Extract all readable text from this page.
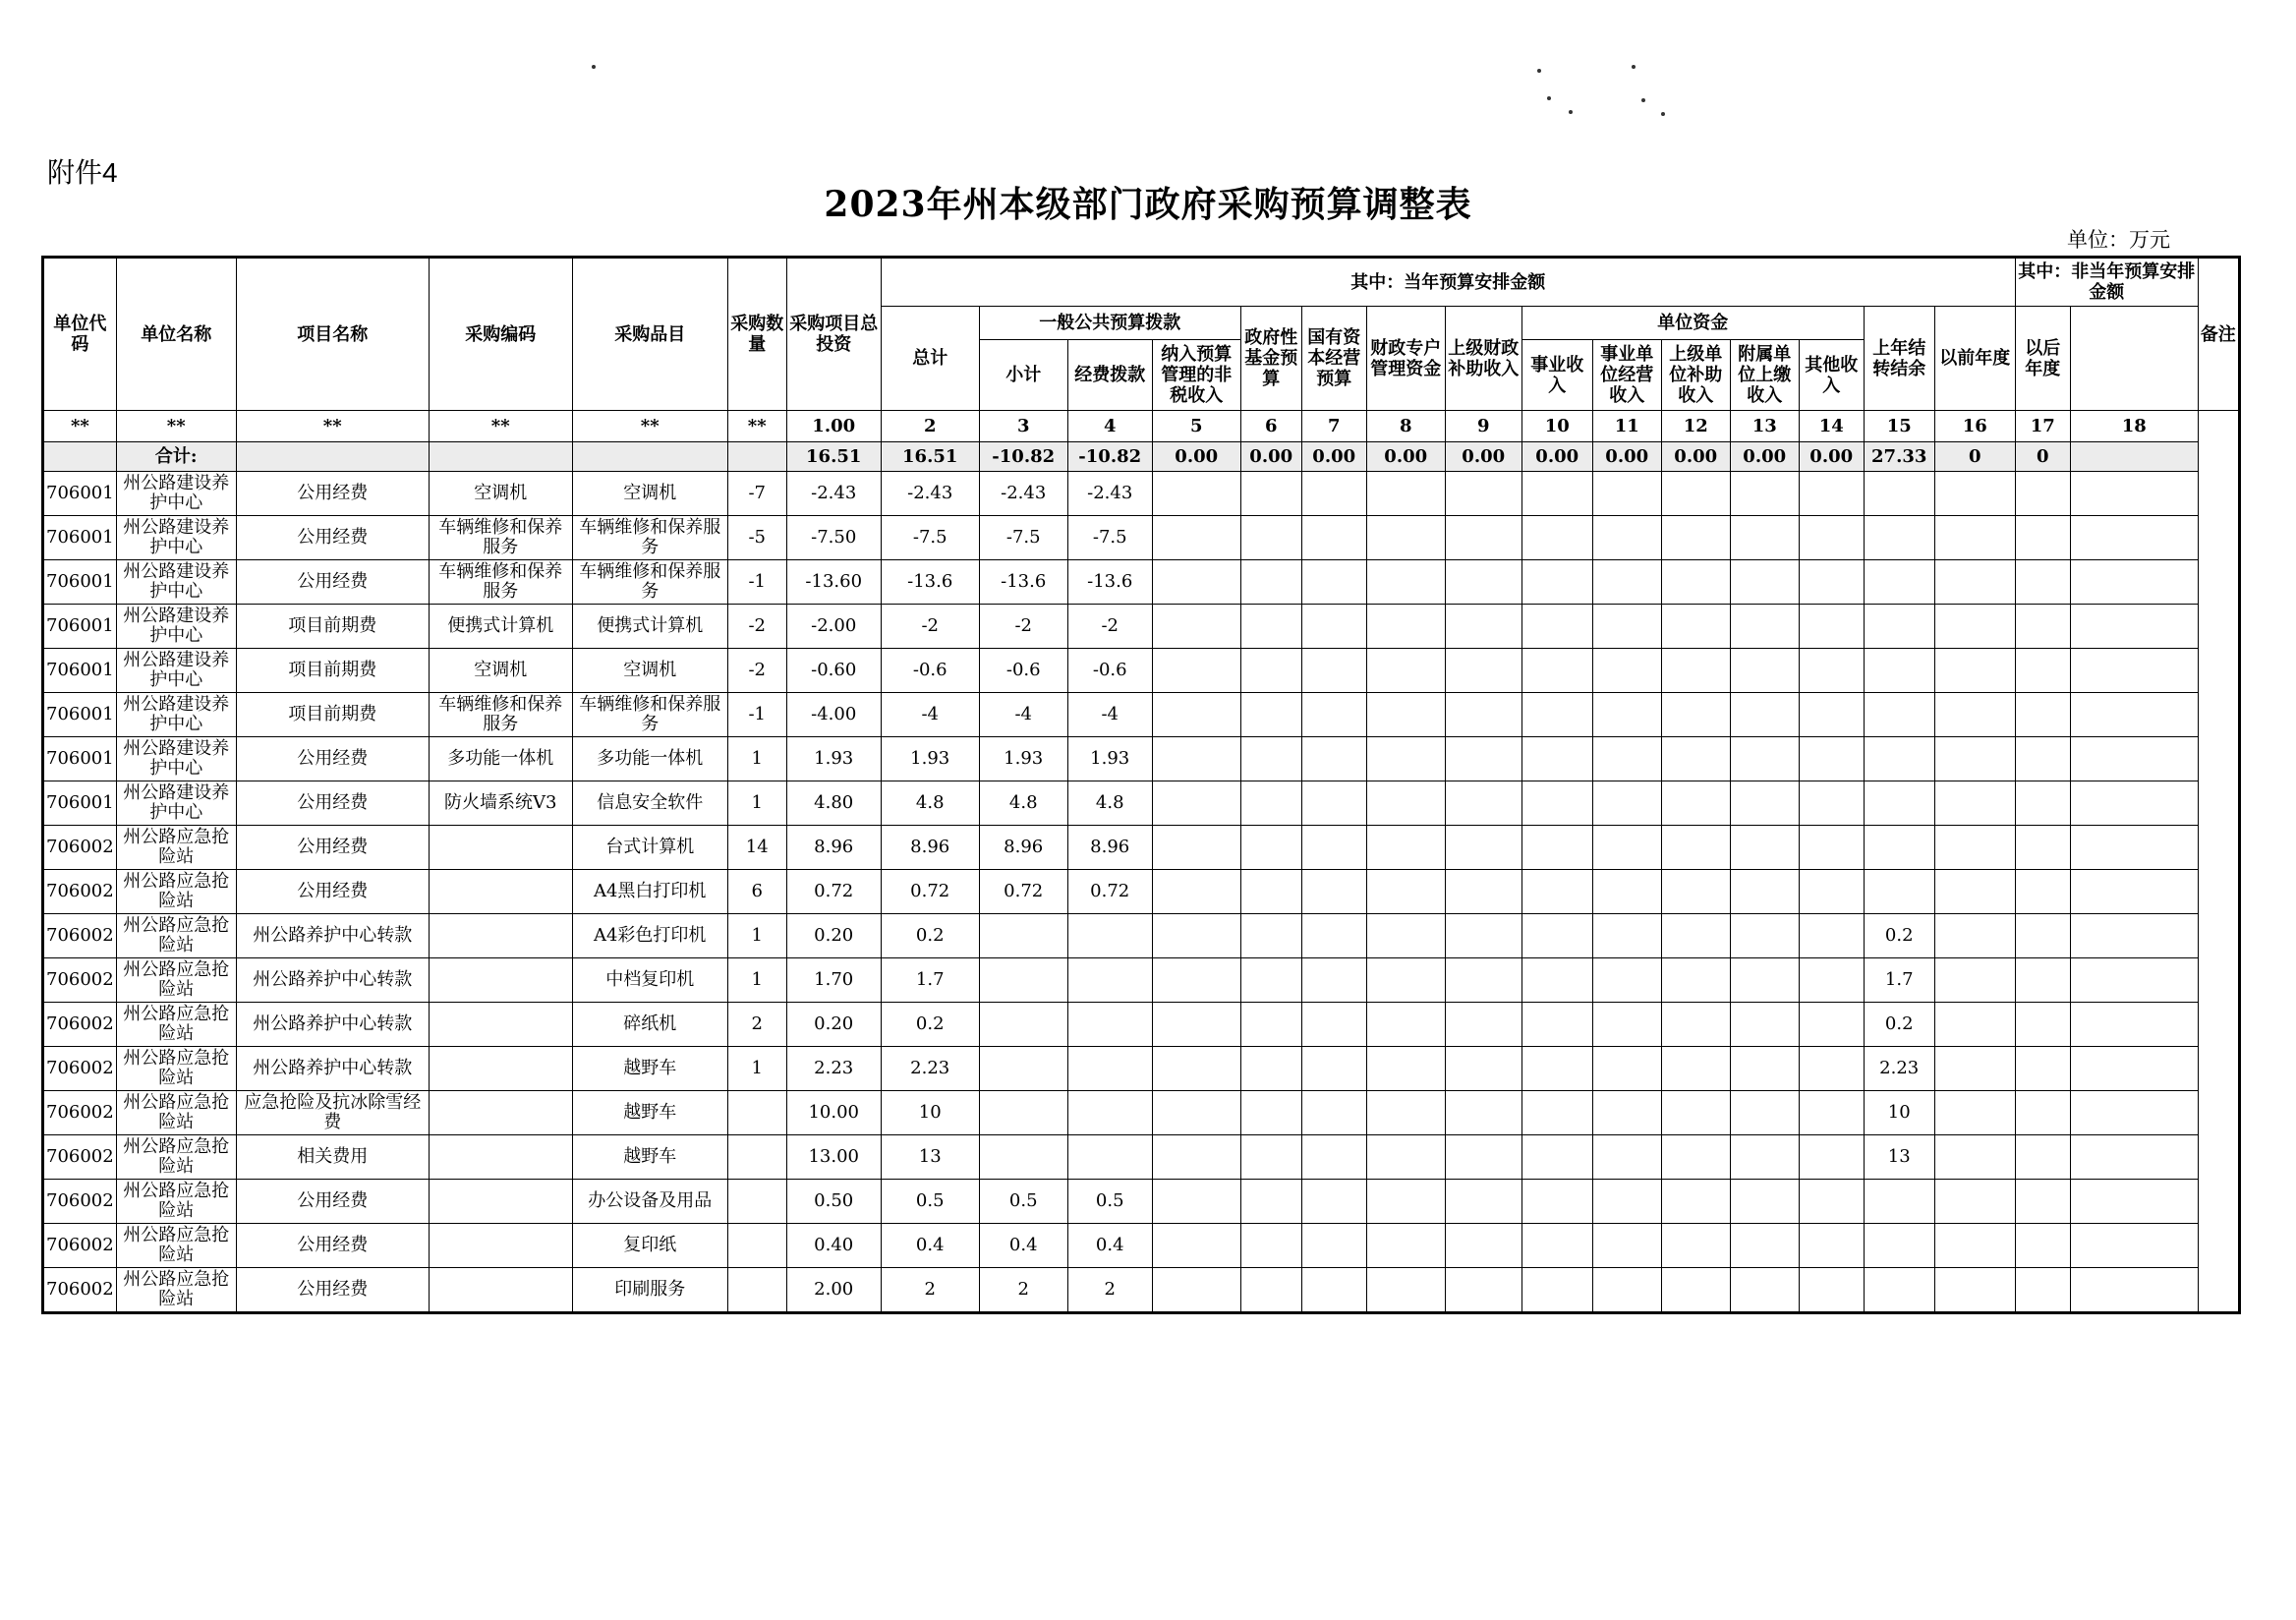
附件4
2023年州本级部门政府采购预算调整表
单位：万元
单位代码	单位名称	项目名称	采购编码	采购品目	采购数量	采购项目总投资	其中：当年预算安排金额															其中：非当年预算安排金额		备注
							总计	一般公共预算拨款			政府性基金预算	国有资本经营预算	财政专户管理资金	上级财政补助收入	单位资金					上年结转结余	以前年度	以后年度		
								小计	经费拨款	纳入预算管理的非税收入					事业收入	事业单位经营收入	上级单位补助收入	附属单位上缴收入	其他收入					
**	**	**	**	**	**	1.00	2	3	4	5	6	7	8	9	10	11	12	13	14	15	16	17	18	
	合计:					16.51	16.51	-10.82	-10.82	0.00	0.00	0.00	0.00	0.00	0.00	0.00	0.00	0.00	0.00	27.33	0	0		
706001	州公路建设养护中心	公用经费	空调机	空调机	-7	-2.43	-2.43	-2.43	-2.43															
706001	州公路建设养护中心	公用经费	车辆维修和保养服务	车辆维修和保养服务	-5	-7.50	-7.5	-7.5	-7.5															
706001	州公路建设养护中心	公用经费	车辆维修和保养服务	车辆维修和保养服务	-1	-13.60	-13.6	-13.6	-13.6															
706001	州公路建设养护中心	项目前期费	便携式计算机	便携式计算机	-2	-2.00	-2	-2	-2															
706001	州公路建设养护中心	项目前期费	空调机	空调机	-2	-0.60	-0.6	-0.6	-0.6															
706001	州公路建设养护中心	项目前期费	车辆维修和保养服务	车辆维修和保养服务	-1	-4.00	-4	-4	-4															
706001	州公路建设养护中心	公用经费	多功能一体机	多功能一体机	1	1.93	1.93	1.93	1.93															
706001	州公路建设养护中心	公用经费	防火墙系统V3	信息安全软件	1	4.80	4.8	4.8	4.8															
706002	州公路应急抢险站	公用经费		台式计算机	14	8.96	8.96	8.96	8.96															
706002	州公路应急抢险站	公用经费		A4黑白打印机	6	0.72	0.72	0.72	0.72															
706002	州公路应急抢险站	州公路养护中心转款		A4彩色打印机	1	0.20	0.2													0.2				
706002	州公路应急抢险站	州公路养护中心转款		中档复印机	1	1.70	1.7													1.7				
706002	州公路应急抢险站	州公路养护中心转款		碎纸机	2	0.20	0.2													0.2				
706002	州公路应急抢险站	州公路养护中心转款		越野车	1	2.23	2.23													2.23				
706002	州公路应急抢险站	应急抢险及抗冰除雪经费		越野车		10.00	10													10				
706002	州公路应急抢险站	相关费用		越野车		13.00	13													13				
706002	州公路应急抢险站	公用经费		办公设备及用品		0.50	0.5	0.5	0.5															
706002	州公路应急抢险站	公用经费		复印纸		0.40	0.4	0.4	0.4															
706002	州公路应急抢险站	公用经费		印刷服务		2.00	2	2	2															
